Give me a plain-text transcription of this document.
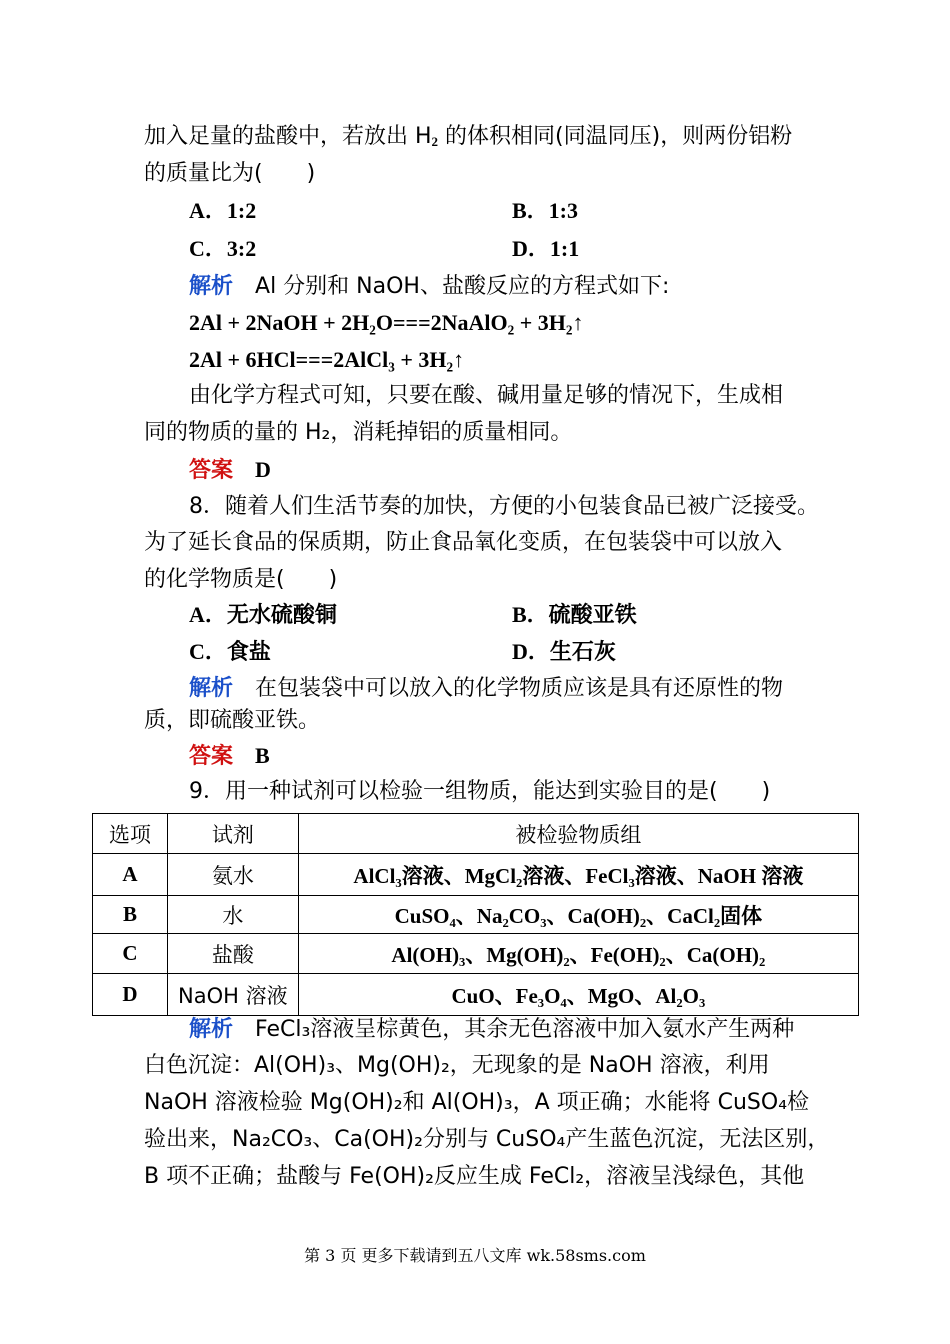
加入足量的盐酸中，若放出 $H_2$ 的体积相同(同温同压)，则两份铝粉
的质量比为(　　)
A．1:2	B．1:3
C．3:2	D．1:1
解析　Al 分别和 NaOH、盐酸反应的方程式如下:
2Al + 2NaOH + 2H₂O===2NaAlO₂ + 3H₂↑
2Al + 6HCl===2AlCl₃ + 3H₂↑
由化学方程式可知，只要在酸、碱用量足够的情况下，生成相
同的物质的量的 H₂，消耗掉铝的质量相同。
答案　D
8．随着人们生活节奏的加快，方便的小包装食品已被广泛接受。
为了延长食品的保质期，防止食品氧化变质，在包装袋中可以放入
的化学物质是(　　)
A．无水硫酸铜	B．硫酸亚铁
C．食盐	D．生石灰
解析　在包装袋中可以放入的化学物质应该是具有还原性的物
质，即硫酸亚铁。
答案　B
9．用一种试剂可以检验一组物质，能达到实验目的是(　　)
选项	试剂	被检验物质组
A	氨水	AlCl₃溶液、MgCl₂溶液、FeCl₃溶液、NaOH 溶液
B	水	CuSO₄、Na₂CO₃、Ca(OH)₂、CaCl₂固体
C	盐酸	Al(OH)₃、Mg(OH)₂、Fe(OH)₂、Ca(OH)₂
D	NaOH 溶液	CuO、Fe₃O₄、MgO、Al₂O₃
解析　FeCl₃溶液呈棕黄色，其余无色溶液中加入氨水产生两种
白色沉淀：Al(OH)₃、Mg(OH)₂，无现象的是 NaOH 溶液，利用
NaOH 溶液检验 Mg(OH)₂和 Al(OH)₃，A 项正确；水能将 CuSO₄检
验出来，Na₂CO₃、Ca(OH)₂分别与 CuSO₄产生蓝色沉淀，无法区别，
B 项不正确；盐酸与 Fe(OH)₂反应生成 FeCl₂，溶液呈浅绿色，其他
第 3 页 更多下载请到五八文库 wk.58sms.com
